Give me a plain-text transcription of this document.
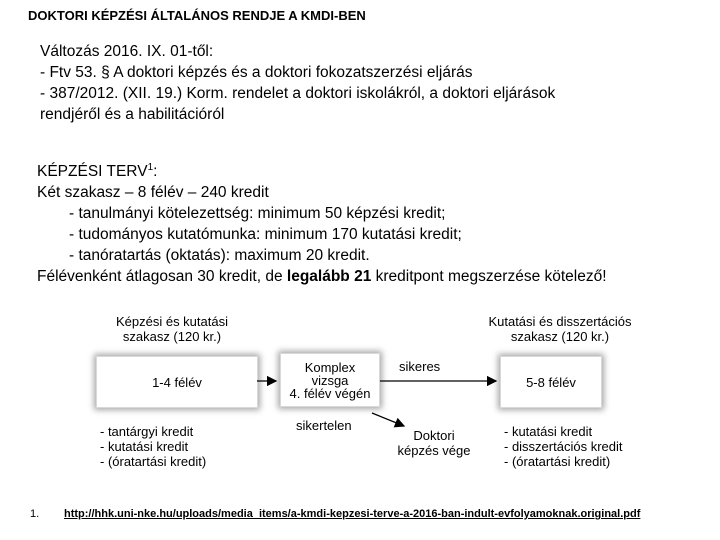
DOKTORI KÉPZÉSI ÁLTALÁNOS RENDJE A KMDI-BEN
Változás 2016. IX. 01-től:
- Ftv 53. § A doktori képzés és a doktori fokozatszerzési eljárás
- 387/2012. (XII. 19.) Korm. rendelet a doktori iskolákról, a doktori eljárások
rendjéről és a habilitációról
KÉPZÉSI TERV$^1$:
Két szakasz – 8 félév – 240 kredit
- tanulmányi kötelezettség: minimum 50 képzési kredit;
- tudományos kutatómunka: minimum 170 kutatási kredit;
- tanóratartás (oktatás): maximum 20 kredit.
Félévenként átlagosan 30 kredit, de legalább 21 kreditpont megszerzése kötelező!
Képzési és kutatási
szakasz (120 kr.)
Kutatási és disszertációs
szakasz (120 kr.)
1-4 félév
Komplex
vizsga
4. félév végén
5-8 félév
sikeres
sikertelen
Doktori
képzés vége
- tantárgyi kredit
- kutatási kredit
- (óratartási kredit)
- kutatási kredit
- disszertációs kredit
- (óratartási kredit)
1. http://hhk.uni-nke.hu/uploads/media_items/a-kmdi-kepzesi-terve-a-2016-ban-indult-evfolyamoknak.original.pdf
